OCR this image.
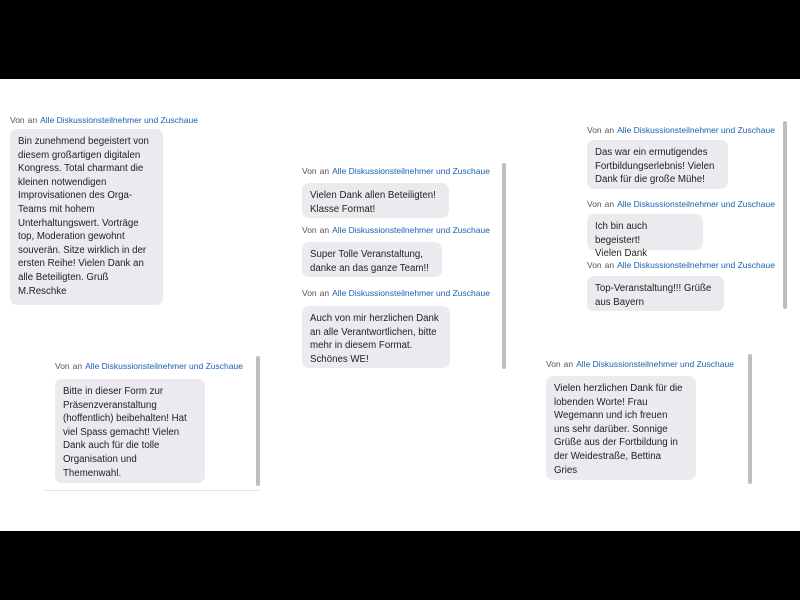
Von an Alle Diskussionsteilnehmer und Zuschaue
Bin zunehmend begeistert von
diesem großartigen digitalen
Kongress. Total charmant die
kleinen notwendigen
Improvisationen des Orga-
Teams mit hohem
Unterhaltungswert. Vorträge
top, Moderation gewohnt
souverän. Sitze wirklich in der
ersten Reihe! Vielen Dank an
alle Beteiligten. Gruß
M.Reschke
Von an Alle Diskussionsteilnehmer und Zuschaue
Bitte in dieser Form zur
Präsenzveranstaltung
(hoffentlich) beibehalten! Hat
viel Spass gemacht! Vielen
Dank auch für die tolle
Organisation und
Themenwahl.
Von an Alle Diskussionsteilnehmer und Zuschaue
Vielen Dank allen Beteiligten!
Klasse Format!
Von an Alle Diskussionsteilnehmer und Zuschaue
Super Tolle Veranstaltung,
danke an das ganze Team!!
Von an Alle Diskussionsteilnehmer und Zuschaue
Auch von mir herzlichen Dank
an alle Verantwortlichen, bitte
mehr in diesem Format.
Schönes WE!
Von an Alle Diskussionsteilnehmer und Zuschaue
Das war ein ermutigendes
Fortbildungserlebnis! Vielen
Dank für die große Mühe!
Von an Alle Diskussionsteilnehmer und Zuschaue
Ich bin auch begeistert!
Vielen Dank
Von an Alle Diskussionsteilnehmer und Zuschaue
Top-Veranstaltung!!! Grüße
aus Bayern
Von an Alle Diskussionsteilnehmer und Zuschaue
Vielen herzlichen Dank für die
lobenden Worte! Frau
Wegemann und ich freuen
uns sehr darüber. Sonnige
Grüße aus der Fortbildung in
der Weidestraße, Bettina
Gries
